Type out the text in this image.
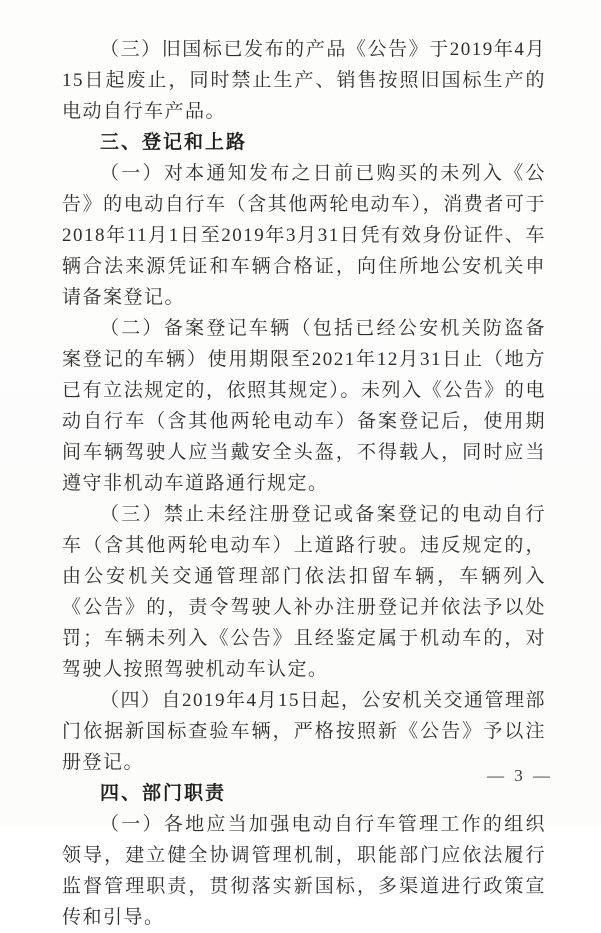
（三）旧国标已发布的产品《公告》于2019年4月15日起废止，同时禁止生产、销售按照旧国标生产的电动自行车产品。

三、登记和上路

（一）对本通知发布之日前已购买的未列入《公告》的电动自行车（含其他两轮电动车），消费者可于2018年11月1日至2019年3月31日凭有效身份证件、车辆合法来源凭证和车辆合格证，向住所地公安机关申请备案登记。

（二）备案登记车辆（包括已经公安机关防盗备案登记的车辆）使用期限至2021年12月31日止（地方已有立法规定的，依照其规定）。未列入《公告》的电动自行车（含其他两轮电动车）备案登记后，使用期间车辆驾驶人应当戴安全头盔，不得载人，同时应当遵守非机动车道路通行规定。

（三）禁止未经注册登记或备案登记的电动自行车（含其他两轮电动车）上道路行驶。违反规定的，由公安机关交通管理部门依法扣留车辆，车辆列入《公告》的，责令驾驶人补办注册登记并依法予以处罚；车辆未列入《公告》且经鉴定属于机动车的，对驾驶人按照驾驶机动车认定。

（四）自2019年4月15日起，公安机关交通管理部门依据新国标查验车辆，严格按照新《公告》予以注册登记。

四、部门职责

（一）各地应当加强电动自行车管理工作的组织领导，建立健全协调管理机制，职能部门应依法履行监督管理职责，贯彻落实新国标，多渠道进行政策宣传和引导。

— 3 —
